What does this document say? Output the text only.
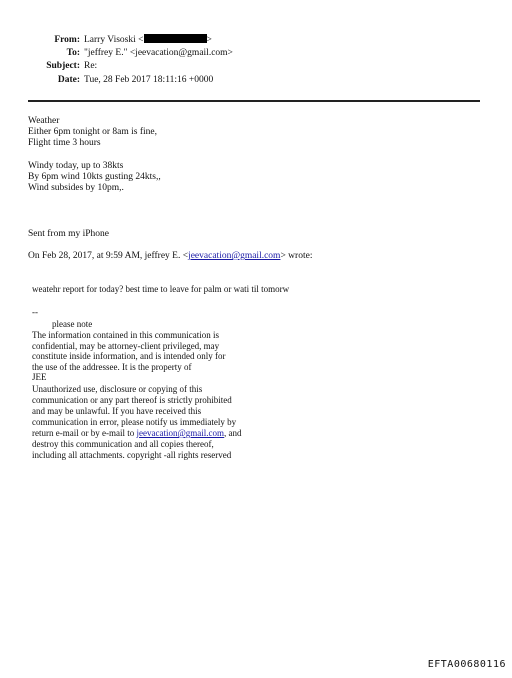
From: Larry Visoski <	>
To: "jeffrey E." <jeevacation@gmail.com>
Subject: Re:
Date: Tue, 28 Feb 2017 18:11:16 +0000
Weather
Either 6pm tonight or 8am is fine,
Flight time 3 hours
Windy today, up to 38kts
By 6pm wind 10kts gusting 24kts,,
Wind subsides by 10pm,.
Sent from my iPhone
On Feb 28, 2017, at 9:59 AM, jeffrey E. <jeevacation@gmail.com> wrote:
weatehr report for today? best time to leave for palm or wati til tomorw
--
please note
The information contained in this communication is
confidential, may be attorney-client privileged, may
constitute inside information, and is intended only for
the use of the addressee. It is the property of
JEE
Unauthorized use, disclosure or copying of this
communication or any part thereof is strictly prohibited
and may be unlawful. If you have received this
communication in error, please notify us immediately by
return e-mail or by e-mail to jeevacation@gmail.com, and
destroy this communication and all copies thereof,
including all attachments. copyright -all rights reserved
EFTA00680116
